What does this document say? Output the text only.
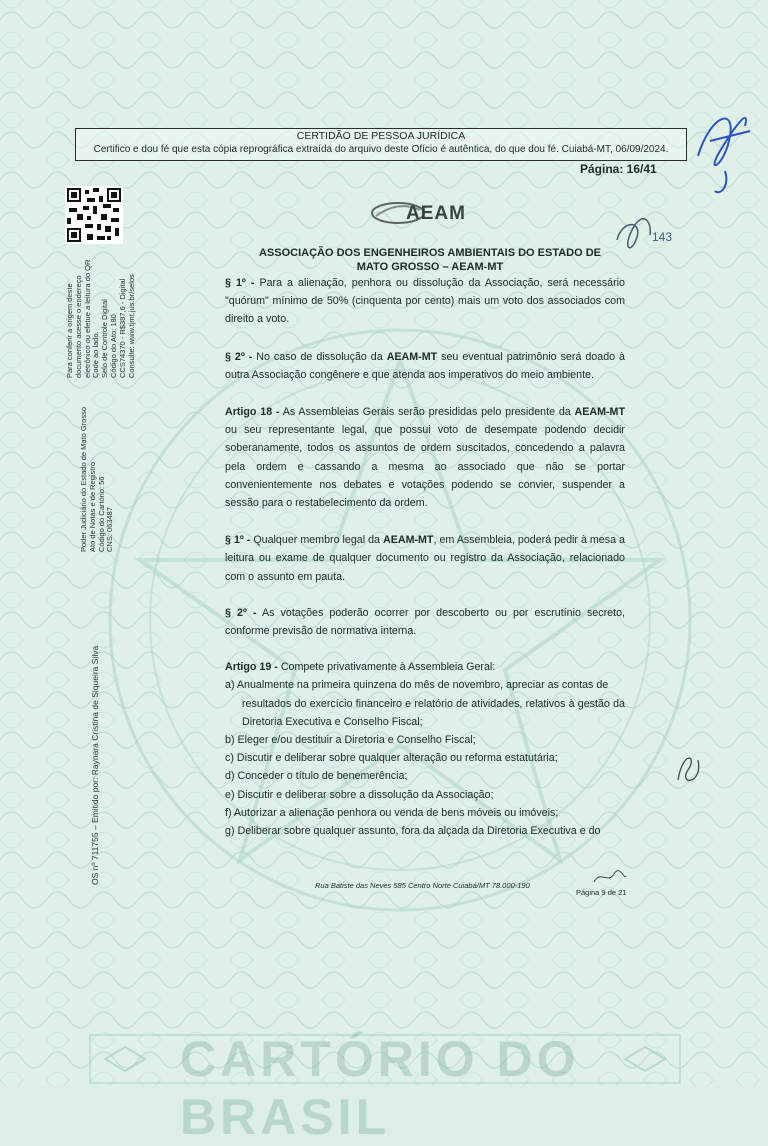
CARTÓRIO DO BRASIL
CERTIDÃO DE PESSOA JURÍDICA
Certifico e dou fé que esta cópia reprográfica extraída do arquivo deste Ofício é autêntica, do que dou fé. Cuiabá-MT, 06/09/2024.
Página: 16/41
Para conferir a origem deste documento acesse o endereço eletrônico ou efetue a leitura do QR Code ao lado. Selo de Controle Digital Código do Ato: 180 CCS74370 - R$387,6 - Digital Consulte: www.tjmt.jus.br/selos
Poder Judiciário do Estado de Mato Grosso Ato de Notas e de Registro Código do Cartório: 56 CNS: 063487
OS nº 711755 – Emitido por: Raynara Cristina de Siqueira Silva
AEAM
ASSOCIAÇÃO DOS ENGENHEIROS AMBIENTAIS DO ESTADO DE
MATO GROSSO – AEAM-MT
143

§ 1º - Para a alienação, penhora ou dissolução da Associação, será necessário "quórum" mínimo de 50% (cinquenta por cento) mais um voto dos associados com direito a voto.

§ 2º - No caso de dissolução da AEAM-MT seu eventual patrimônio será doado à outra Associação congênere e que atenda aos imperativos do meio ambiente.

Artigo 18 - As Assembleias Gerais serão presididas pelo presidente da AEAM-MT ou seu representante legal, que possui voto de desempate podendo decidir soberanamente, todos os assuntos de ordem suscitados, concedendo a palavra pela ordem e cassando a mesma ao associado que não se portar convenientemente nos debates e votações podendo se convier, suspender a sessão para o restabelecimento da ordem.

§ 1º - Qualquer membro legal da AEAM-MT, em Assembleia, poderá pedir à mesa a leitura ou exame de qualquer documento ou registro da Associação, relacionado com o assunto em pauta.

§ 2º - As votações poderão ocorrer por descoberto ou por escrutínio secreto, conforme previsão de normativa interna.

Artigo 19 - Compete privativamente à Assembleia Geral:

a) Anualmente na primeira quinzena do mês de novembro, apreciar as contas de
resultados do exercício financeiro e relatório de atividades, relativos à gestão da Diretoria Executiva e Conselho Fiscal;
b) Eleger e/ou destituir a Diretoria e Conselho Fiscal;
c) Discutir e deliberar sobre qualquer alteração ou reforma estatutária;
d) Conceder o título de benemerência;
e) Discutir e deliberar sobre a dissolução da Associação;
f) Autorizar a alienação penhora ou venda de bens móveis ou imóveis;
g) Deliberar sobre qualquer assunto, fora da alçada da Diretoria Executiva e do
Rua Batiste das Neves 585 Centro Norte Cuiabá/MT 78.000-190
Página 9 de 21
